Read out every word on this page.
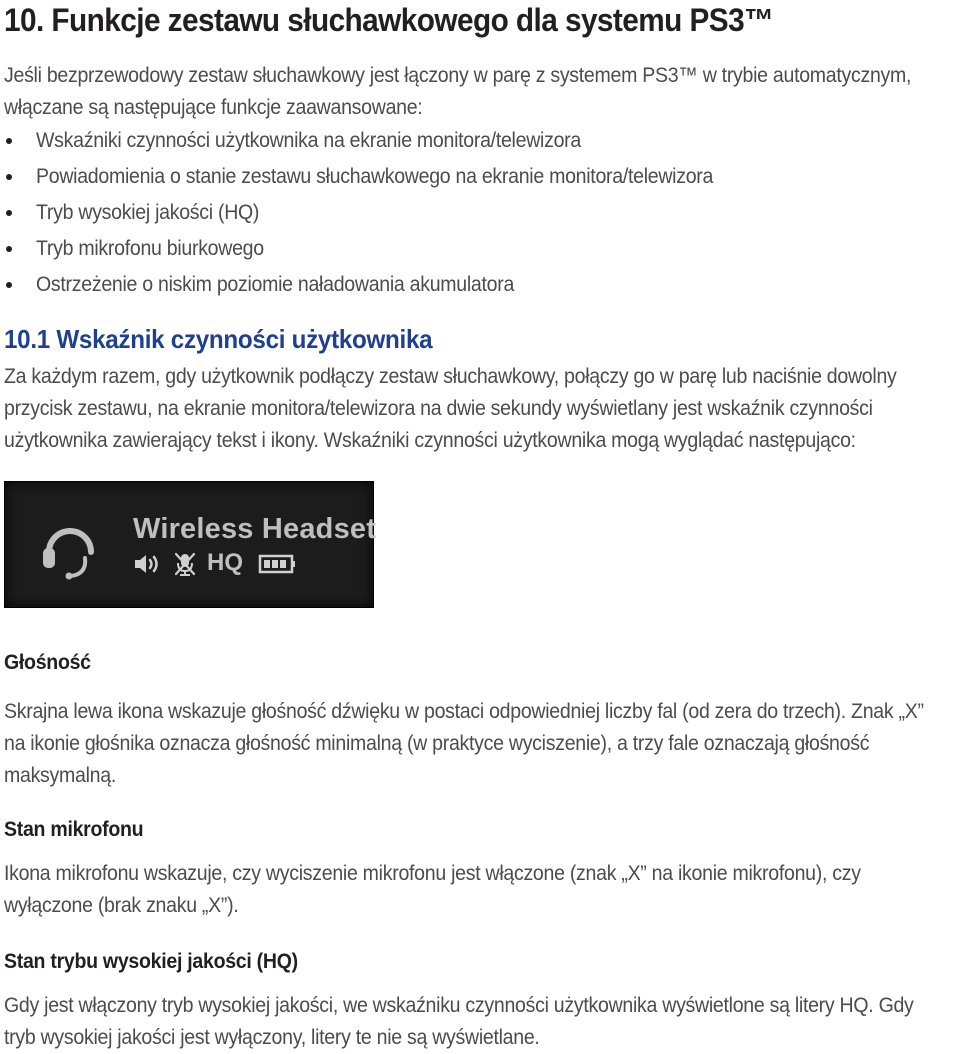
10. Funkcje zestawu słuchawkowego dla systemu PS3™

Jeśli bezprzewodowy zestaw słuchawkowy jest łączony w parę z systemem PS3™ w trybie automatycznym, włączane są następujące funkcje zaawansowane:

Wskaźniki czynności użytkownika na ekranie monitora/telewizora
Powiadomienia o stanie zestawu słuchawkowego na ekranie monitora/telewizora
Tryb wysokiej jakości (HQ)
Tryb mikrofonu biurkowego
Ostrzeżenie o niskim poziomie naładowania akumulatora
10.1 Wskaźnik czynności użytkownika

Za każdym razem, gdy użytkownik podłączy zestaw słuchawkowy, połączy go w parę lub naciśnie dowolny przycisk zestawu, na ekranie monitora/telewizora na dwie sekundy wyświetlany jest wskaźnik czynności użytkownika zawierający tekst i ikony. Wskaźniki czynności użytkownika mogą wyglądać następująco:

Wireless Headset
HQ
Głośność

Skrajna lewa ikona wskazuje głośność dźwięku w postaci odpowiedniej liczby fal (od zera do trzech). Znak „X” na ikonie głośnika oznacza głośność minimalną (w praktyce wyciszenie), a trzy fale oznaczają głośność maksymalną.

Stan mikrofonu

Ikona mikrofonu wskazuje, czy wyciszenie mikrofonu jest włączone (znak „X” na ikonie mikrofonu), czy wyłączone (brak znaku „X”).

Stan trybu wysokiej jakości (HQ)

Gdy jest włączony tryb wysokiej jakości, we wskaźniku czynności użytkownika wyświetlone są litery HQ. Gdy tryb wysokiej jakości jest wyłączony, litery te nie są wyświetlane.
